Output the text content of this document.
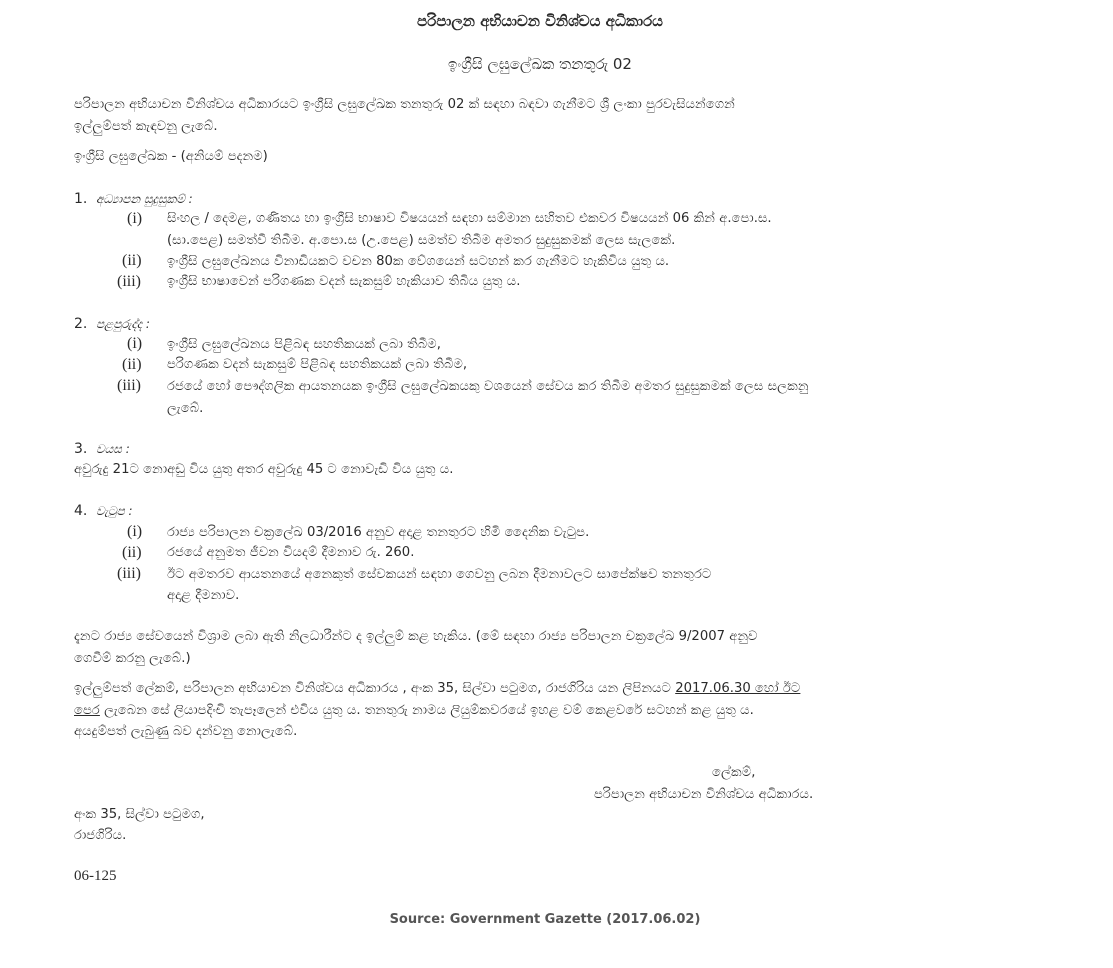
පරිපාලන අභියාචන විනිශ්චය අධිකාරය

ඉංග්‍රීසි ලඝුලේඛක තනතුරු 02

පරිපාලන අභියාචන විනිශ්චය අධිකාරයට ඉංග්‍රීසි ලඝුලේඛක තනතුරු 02 ක් සඳහා බඳවා ගැනීමට ශ්‍රී ලංකා පුරවැසියන්ගෙන්

ඉල්ලුම්පත් කැඳවනු ලැබේ.

ඉංග්‍රීසි ලඝුලේඛක - (අනියම් පදනම)

1. අධ්‍යාපන සුදුසුකම් :

(i) සිංහල / දෙමළ, ගණිතය හා ඉංග්‍රීසි භාෂාව විෂයයන් සඳහා සම්මාන සහිතව එකවර විෂයයන් 06 කින් අ.පො.ස.

(සා.පෙළ) සමත්වී තිබීම. අ.පො.ස (උ.පෙළ) සමත්ව තිබීම අමතර සුදුසුකමක් ලෙස සැලකේ.

(ii) ඉංග්‍රීසි ලඝුලේඛනය විනාඩියකට වචන 80ක වේගයෙන් සටහන් කර ගැනීමට හැකිවිය යුතු ය.

(iii) ඉංග්‍රීසි භාෂාවෙන් පරිගණක වදන් සැකසුම් හැකියාව තිබිය යුතු ය.

2. පළපුරුද්ද :

(i) ඉංග්‍රීසි ලඝුලේඛනය පිළිබඳ සහතිකයක් ලබා තිබීම,

(ii) පරිගණක වදන් සැකසුම් පිළිබඳ සහතිකයක් ලබා තිබීම,

(iii) රජයේ හෝ පෞද්ගලික ආයතනයක ඉංග්‍රීසි ලඝුලේඛකයකු වශයෙන් සේවය කර තිබීම අමතර සුදුසුකමක් ලෙස සලකනු

ලැබේ.

3. වයස :

අවුරුදු 21ට නොඅඩු විය යුතු අතර අවුරුදු 45 ට නොවැඩි විය යුතු ය.

4. වැටුප :

(i) රාජ්‍ය පරිපාලන චක්‍රලේඛ 03/2016 අනුව අදාළ තනතුරට හිමි දෛනික වැටුප.

(ii) රජයේ අනුමත ජීවන වියදම් දීමනාව රු. 260.

(iii) ඊට අමතරව ආයතනයේ අනෙකුත් සේවකයන් සඳහා ගෙවනු ලබන දීමනාවලට සාපේක්ෂව තනතුරට

අදාළ දීමනාව.

දැනට රාජ්‍ය සේවයෙන් විශ්‍රාම ලබා ඇති නිලධාරීන්ට ද ඉල්ලුම් කළ හැකිය. (මේ සඳහා රාජ්‍ය පරිපාලන චක්‍රලේඛ 9/2007 අනුව

ගෙවීම් කරනු ලැබේ.)

ඉල්ලුම්පත් ලේකම්, පරිපාලන අභියාචන විනිශ්චය අධිකාරය , අංක 35, සිල්වා පටුමග, රාජගිරිය යන ලිපිනයට 2017.06.30 හෝ ඊට

පෙර ලැබෙන සේ ලියාපදිංචි තැපෑලෙන් එවිය යුතු ය. තනතුරු නාමය ලියුම්කවරයේ ඉහළ වම් කෙළවරේ සටහන් කළ යුතු ය.

අයදුම්පත් ලැබුණු බව දන්වනු නොලැබේ.

ලේකම්,

පරිපාලන අභියාචන විනිශ්චය අධිකාරය.

අංක 35, සිල්වා පටුමග,

රාජගිරිය.

06-125

Source: Government Gazette (2017.06.02)
